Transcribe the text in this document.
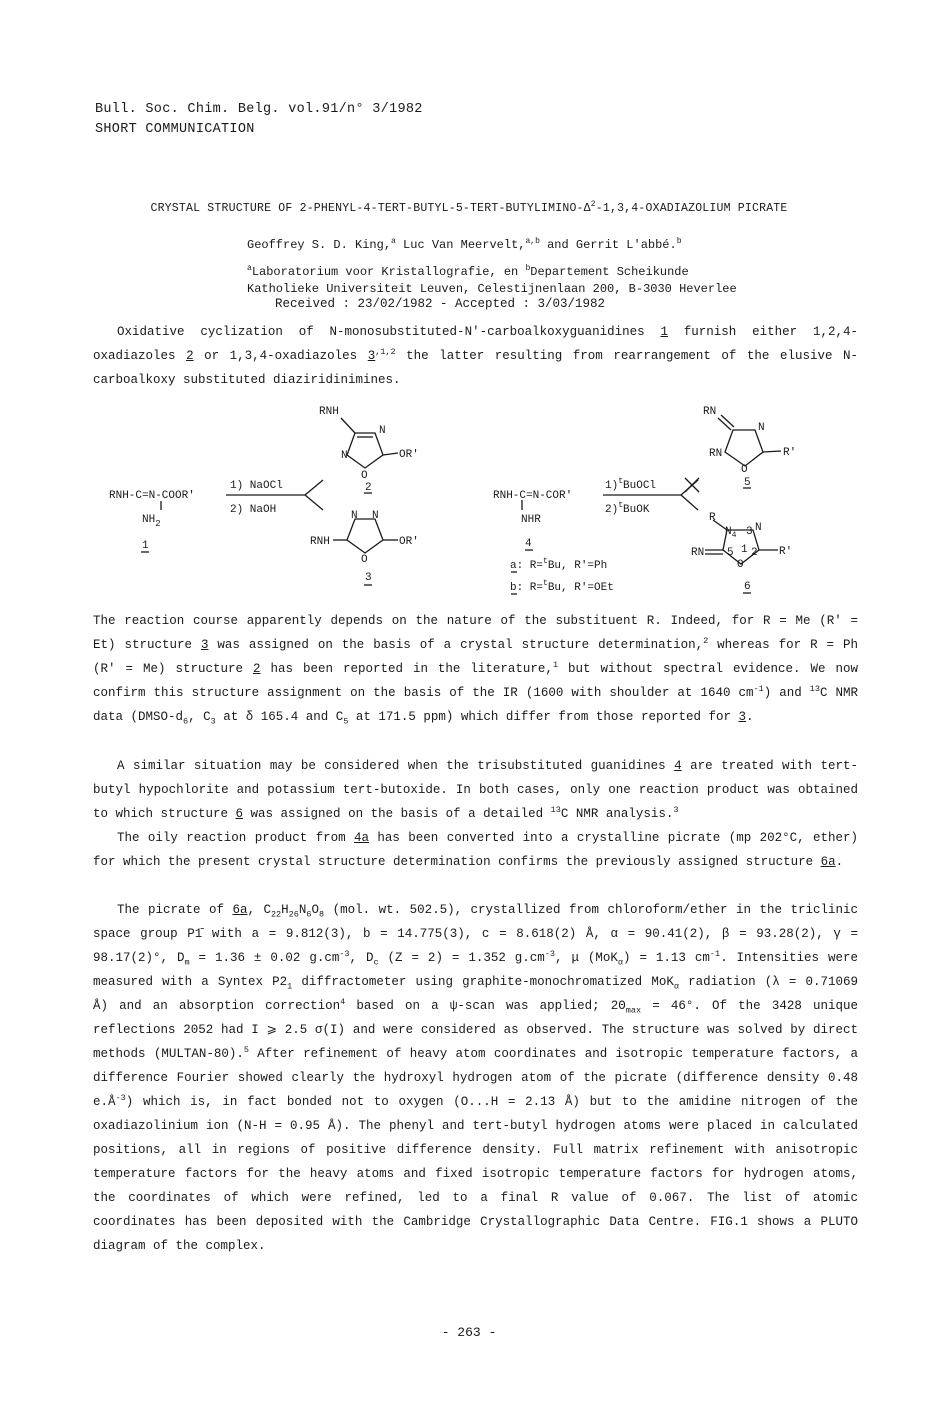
Bull. Soc. Chim. Belg. vol.91/n° 3/1982
SHORT COMMUNICATION
CRYSTAL STRUCTURE OF $2-PHENYL-4-TERT-BUTYL-5-TERT-BUTYLIMINO-\Delta^2-1,3,4$-OXADIAZOLIUM PICRATE
Geoffrey S. D. King,$^a$ Luc Van Meervelt,$^{a,b}$ and Gerrit L'abbé.$^b$
$^a$Laboratorium voor Kristallografie, en $^b$Departement Scheikunde
Katholieke Universiteit Leuven, Celestijnenlaan 200, B-3030 Heverlee
Received : 23/02/1982 - Accepted : 3/03/1982
Oxidative cyclization of N-monosubstituted-N'-carboalkoxyguanidines 1 furnish either 1,2,4-oxadiazoles 2 or 1,3,4-oxadiazoles $3^{,1,2}$ the latter resulting from rearrangement of the elusive N-carboalkoxy substituted diaziridinimines.
RNH-C=N-COOR'
$NH_2$
1
1) NaOCl
2) NaOH
RNH
N
N	OR'
O
2
N N
RNH	OR'
O
3
RNH-C=N-COR'
NHR
4
1)$^t$BuOCl
2)$^t$BuOK
a: R=$^t$Bu, R'=Ph
b: R=$^t$Bu, R'=OEt
RN
N
RN	R'
O
5
R
$N_4$ 3 N
RN 5 1 2 R'
O
6
The reaction course apparently depends on the nature of the substituent R. Indeed, for R = Me (R' = Et) structure 3 was assigned on the basis of a crystal structure determination,$^2$ whereas for R = Ph (R' = Me) structure 2 has been reported in the literature,$^1$ but without spectral evidence. We now confirm this structure assignment on the basis of the IR (1600 with shoulder at 1640 $cm^{-1}$) and $^{13}$C NMR data ($DMSO-d_6$, $C_3$ at δ 165.4 and $C_5$ at 171.5 ppm) which differ from those reported for 3.
A similar situation may be considered when the trisubstituted guanidines 4 are treated with tert-butyl hypochlorite and potassium tert-butoxide. In both cases, only one reaction product was obtained to which structure 6 was assigned on the basis of a detailed $^{13}$C NMR analysis.$^3$
The oily reaction product from 4a has been converted into a crystalline picrate (mp 202°C, ether) for which the present crystal structure determination confirms the previously assigned structure 6a.
The picrate of 6a, $C_{22}H_{26}N_6O_8$ (mol. wt. 502.5), crystallized from chloroform/ether in the triclinic space group P1̄ with a = 9.812(3), b = 14.775(3), c = 8.618(2) Å, α = 90.41(2), β = 93.28(2), γ = 98.17(2)°, $D_m = 1.36 \pm 0.02$ $g.cm^{-3}$, $D_c$ (Z = 2) = 1.352 $g.cm^{-3}$, μ (MoK$_\alpha$) = 1.13 $cm^{-1}$. Intensities were measured with a Syntex $P2_1$ diffractometer using graphite-monochromatized MoK$_\alpha$ radiation (λ = 0.71069 Å) and an absorption correction$^4$ based on a ψ-scan was applied; $2\Theta_{max} = 46^\circ$. Of the 3428 unique reflections 2052 had I ⩾ 2.5 σ(I) and were considered as observed. The structure was solved by direct methods (MULTAN-80).$^5$ After refinement of heavy atom coordinates and isotropic temperature factors, a difference Fourier showed clearly the hydroxyl hydrogen atom of the picrate (difference density 0.48 $e.Å^{-3}$) which is, in fact bonded not to oxygen (O...H = 2.13 Å) but to the amidine nitrogen of the oxadiazolinium ion (N-H = 0.95 Å). The phenyl and tert-butyl hydrogen atoms were placed in calculated positions, all in regions of positive difference density. Full matrix refinement with anisotropic temperature factors for the heavy atoms and fixed isotropic temperature factors for hydrogen atoms, the coordinates of which were refined, led to a final R value of 0.067. The list of atomic coordinates has been deposited with the Cambridge Crystallographic Data Centre. FIG.1 shows a PLUTO diagram of the complex.
- 263 -
